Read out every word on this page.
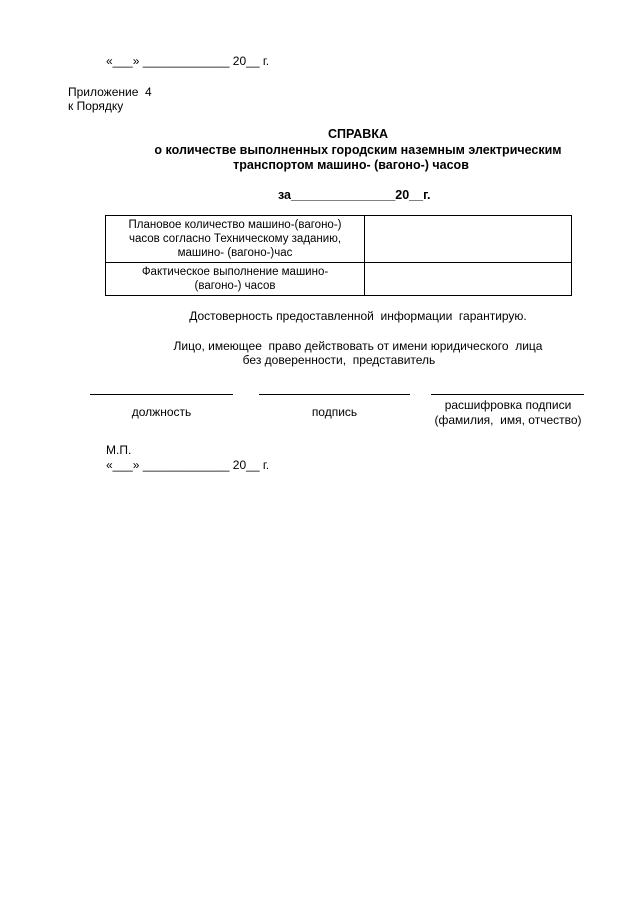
«___» _____________ 20__ г.
Приложение  4
к Порядку
СПРАВКА
о количестве выполненных городским наземным электрическим
транспортом машино- (вагоно-) часов
за_______________20__г.
Плановое количество машино-(вагоно-)
часов согласно Техническому заданию,
машино- (вагоно-)час	

Фактическое выполнение машино-
(вагоно-) часов	

Достоверность предоставленной  информации  гарантирую.
Лицо, имеющее  право действовать от имени юридического  лица
без доверенности,  представитель
должность	подпись	расшифровка подписи
(фамилия,  имя, отчество)
М.П.
«___» _____________ 20__ г.
